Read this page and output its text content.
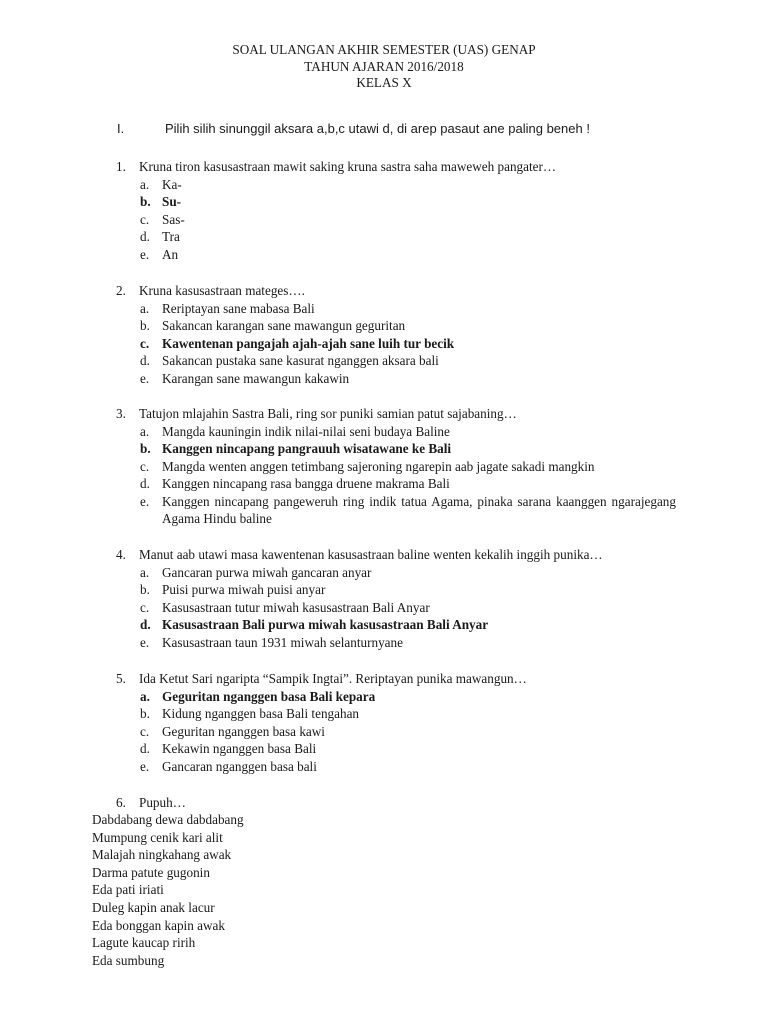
SOAL ULANGAN AKHIR SEMESTER (UAS) GENAP
TAHUN AJARAN 2016/2018
KELAS X
I.	Pilih silih sinunggil aksara a,b,c utawi d, di arep pasaut ane paling beneh !
1. Kruna tiron kasusastraan mawit saking kruna sastra saha maweweh pangater…
a. Ka-
b. Su-
c. Sas-
d. Tra
e. An
2. Kruna kasusastraan mateges….
a. Reriptayan sane mabasa Bali
b. Sakancan karangan sane mawangun geguritan
c. Kawentenan pangajah ajah-ajah sane luih tur becik
d. Sakancan pustaka sane kasurat nganggen aksara bali
e. Karangan sane mawangun kakawin
3. Tatujon mlajahin Sastra Bali, ring sor puniki samian patut sajabaning…
a. Mangda kauningin indik nilai-nilai seni budaya Baline
b. Kanggen nincapang pangrauuh wisatawane ke Bali
c. Mangda wenten anggen tetimbang sajeroning ngarepin aab jagate sakadi mangkin
d. Kanggen nincapang rasa bangga druene makrama Bali
e. Kanggen nincapang pangeweruh ring indik tatua Agama, pinaka sarana kaanggen ngarajegang Agama Hindu baline
4. Manut aab utawi masa kawentenan kasusastraan baline wenten kekalih inggih punika…
a. Gancaran purwa miwah gancaran anyar
b. Puisi purwa miwah puisi anyar
c. Kasusastraan tutur miwah kasusastraan Bali Anyar
d. Kasusastraan Bali purwa miwah kasusastraan Bali Anyar
e. Kasusastraan taun 1931 miwah selanturnyane
5. Ida Ketut Sari ngaripta “Sampik Ingtai”. Reriptayan punika mawangun…
a. Geguritan nganggen basa Bali kepara
b. Kidung nganggen basa Bali tengahan
c. Geguritan nganggen basa kawi
d. Kekawin nganggen basa Bali
e. Gancaran nganggen basa bali
6. Pupuh…
Dabdabang dewa dabdabang
Mumpung cenik kari alit
Malajah ningkahang awak
Darma patute gugonin
Eda pati iriati
Duleg kapin anak lacur
Eda bonggan kapin awak
Lagute kaucap ririh
Eda sumbung
